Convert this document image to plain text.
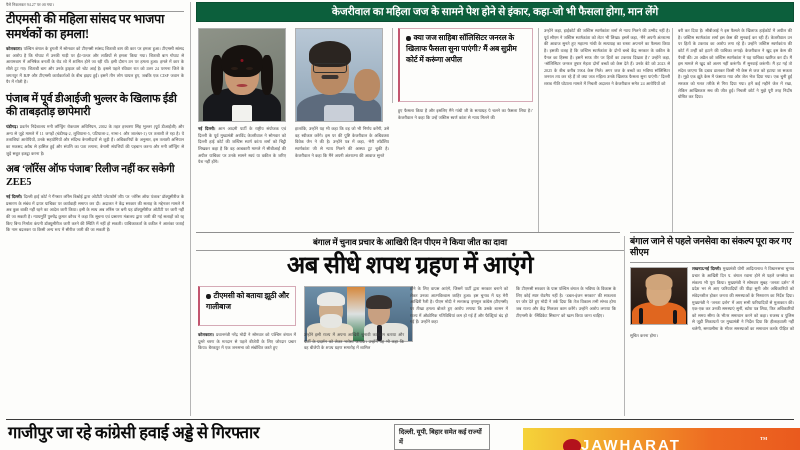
पैसे निकलकर 94.27 पर आ गया।
टीएमसी की महिला सांसद पर भाजपा समर्थकों का हमला!
कोलकाता। पश्चिम बंगाल के हुगली में सोमवार को टीएमसी सांसद शिताबी बाग की कार पर हमला हुआ। टीएमसी सांसद का आरोप है कि गोघाट में उनकी गाड़ी पर ईंट-पत्थर और लाठियों से हमला किया गया। शिताबी बाग गोघाट से आरामबाग में अभिषेक बनर्जी के रोड शो में शामिल होने जा रही थीं। इसी दौरान उन पर हमला हुआ। हमले में कार के शीशे टूट गए। शिताबी बाग और उनके ड्राइवर को चोट आई है। इससे पहले रविवार रात को उत्तर 24 परगना जिले के जगतपुर में BJP और टीएमसी कार्यकर्ताओं के बीच झड़प हुईं। इसमें तीन लोग घायल हुए, जबकि एक CISF जवान के पैर में गोली है।
पंजाब में पूर्व डीआईजी भुल्लर के खिलाफ ईडी की ताबड़तोड़ छापेमारी
चंडीगढ़। प्रवर्तन निदेशालय मनी लॉन्ड्रिंग रोकथाम अधिनियम, 2002 के तहत हरचरण सिंह भुल्लर (पूर्व डीआईजी) और अन्य से जुड़े मामले में 11 जगहों (चंडीगढ़-2, लुधियाना-5, पटियाला-2, नाभा-1 और जालंधर-1) पर तलाशी ले रहा है। ये तलाशियां आरोपियों, उनके सहयोगियों और संदिग्ध बेनामीदारों से जुड़ी हैं। अधिकारियों के अनुसार, इस तलाशी अभियान का मकसद अवैध से हासिल हुई और संपत्ति का पता लगाना, बेनामी संपत्तियों की पहचान करना और मनी लॉन्ड्रिंग से जुड़े सबूत इकट्ठा करना है।
अब ‘लॉरेंस ऑफ पंजाब’ रिलीज नहीं कर सकेगी ZEE5
नई दिल्ली। दिल्ली हाई कोर्ट ने गैंगस्टर लॉरेंस बिश्नोई द्वारा ओटीटी प्लेटफॉर्म जी5 पर ‘लॉरेंस ऑफ पंजाब’ डॉक्यूसीरीज के प्रसारण के संबंध में दायर याचिका पर कार्यवाही समाप्त कर दी। अदालत ने केंद्र सरकार की सलाह के मद्देनजर मामले में अब कुछ बाकी नहीं रहने का आदेश जारी किया। इसी के साथ अब लॉरेंस पर बनी यह डॉक्यूसीरीज ओटीटी पर जारी नहीं की जा सकती है। न्यायमूर्ति पुरुषेंद्र कुमार कौरव ने कहा कि सूचना एवं प्रसारण मंत्रालय द्वारा जारी की गई सलाहों को रद्द किए बिना निर्माता कंपनी डॉक्यूसीरीज जारी करने की स्थिति में नहीं हो सकती। याचिकाकर्ता के वकील ने आशंका जताई कि नाम बदलकर या किसी अन्य रूप में सीरीज जारी की जा सकती है।
केजरीवाल का महिला जज के सामने पेश होने से इंकार, कहा-जो भी फैसला होगा, मान लेंगे
क्या जज साहिबा सॉलिसिटर जनरल के खिलाफ फैसला सुना पाएंगी? मैं अब सुप्रीम कोर्ट में करूंगा अपील
नई दिल्ली। आम आदमी पार्टी के राष्ट्रीय संयोजक एवं दिल्ली के पूर्व मुख्यमंत्री अरविंद केजरीवाल ने सोमवार को दिल्ली हाई कोर्ट की जस्टिस स्वर्ण कांता शर्मा को चिट्ठी लिखकर कहा है कि वह आबकारी मामले में सीबीआई की अपील याचिका पर उनके सामने स्वयं या वकील के जरिए पेश नहीं होंगे।
हालांकि, उन्होंने यह भी कहा कि वह जो भी निर्णय करेंगी, उसे वह स्वीकार करेंगे। इस पर की पुष्टि केजरीवाल के अधिवक्ता विवेक जैन ने की है। उन्होंने पत्र में कहा, ‘मेरी लॉर्डशिप स्वर्णकांता जी से न्याय मिलने की आस्था टूट चुकी है। केजरीवाल ने कहा कि मैंने अपनी अंतरात्मा की आवाज सुनते
हुए फैसला किया है और इसलिए मैंने गांधी जी के सत्याग्रह पे चलने का फैसला लिया है।’ केजरीवाल ने कहा कि उन्हें जस्टिस स्वर्ण कांता से न्याय मिलने की
उन्होंने कहा, हाईकोर्ट की जस्टिस स्वर्णकांता शर्मा से न्याय मिलने की उम्मीद नहीं है। पूर्व सीएम ने जस्टिस स्वर्णकांता को लेटर भी लिखा। इसमें कहा, ‘मैंने अपनी अंतरात्मा की आवाज सुनते हुए महात्मा गांधी के सत्याग्रह का रास्ता अपनाने का फैसला किया है। इसकी वजह है कि जस्टिस स्वर्णकांता के दोनों बच्चे केंद्र सरकार के वकील के पैनल का हिस्सा हैं। इसमें साफ तौर पर हितों का टकराव दिखता है।’ उन्होंने कहा, ‘सॉलिसिटर जनरल तुषार मेहता दोनों बच्चों को केस देते हैं। उनके बेटे को 2023 से 2025 के बीच करीब 5904 केस मिले। अगर जज के बच्चों का भविष्य सॉलिसिटर जनरल तय कर रहे हैं तो क्या जज महिला उनके खिलाफ फैसला सुना पाएंगी।’ दिल्ली शराब नीति घोटाला मामले में निचली अदालत ने केजरीवाल समेत 24 आरोपियों को
बरी कर दिया है। सीबीआई ने इस फैसले के खिलाफ हाईकोर्ट में अपील की है। जस्टिस स्वर्णकांता शर्मा इस केस की सुनवाई कर रही हैं। केजरीवाल उन पर हितों के टकराव का आरोप लगा रहे हैं। उन्होंने जस्टिस स्वर्णकांता की कोर्ट में उन्हीं को हटाने की याचिका लगाई। केजरीवाल ने खुद इस केस की पैरवी की। 20 अप्रैल को जस्टिस स्वर्णकांता ने यह याचिका खारिज कर दी। मैं इस मामले से खुद को अलग नहीं करूंगी। मैं सुनवाई करूंगी। मैं हट गई तो संदेश जाएगा कि दबाव डालकर किसी भी केस से जज को हटाया जा सकता है। मुझे एक झूठे केस में फंसाया गया और जेल भेज दिया गया। एक चुनी हुई सरकार को गलत तरीके से गिरा दिया गया। हमें कई महीने जेल में रखा, लेकिन आखिरकार सच की जीत हुई। निचली कोर्ट ने मुझे पूरी तरह निर्दोष घोषित कर दिया।
बंगाल में चुनाव प्रचार के आखिरी दिन पीएम ने किया जीत का दावा
अब सीधे शपथ ग्रहण में आएंगे
टीएमसी को बताया झूठी और गालीबाज
कोलकाता। प्रधानमंत्री नरेंद्र मोदी ने सोमवार को पश्चिम बंगाल में दूसरे चरण के मतदान से पहले बीजेपी के लिए जोरदार प्रचार किया। बैरकपुर में एक जनसभा को संबोधित करते हुए
उन्होंने इसी राज्य में अपना आखिरी चुनावी कार्यक्रम बताया और पार्टी के प्रदर्शन को लेकर भरोसा जताया। उन्होंने यह भी कहा कि वह बीजेपी के शपथ ग्रहण समारोह में शामिल
होने के लिए वापस आएंगे, जिसमें पार्टी द्वारा सरकार बनाने को लेकर उनका आत्मविश्वास जाहिर हुआ। इस चुनाव में यह मेरी आखिरी रैली है। पीएम मोदी ने सत्तारूढ़ तृणमूल कांग्रेस (टीएमसी) पर तीखा हमला बोलते हुए आरोप लगाया कि उसके शासन में राज्य में औद्योगिक गतिविधियां कम हो गई हैं और फैक्ट्रियां बंद हो गई हैं। उन्होंने कहा
कि टीएमसी सरकार के पास पश्चिम बंगाल के भविष्य के विकास के लिए कोई स्पष्ट रोडमैप नहीं है। ‘डबल-इंजन सरकार’ की सफलता पर जोर देते हुए मोदी ने तर्क दिया कि तेज विकास तभी संभव होगा जब राज्य और केंद्र मिलकर काम करेंगे। उन्होंने आरोप लगाया कि टीएमसी के ‘सिंडिकेट सिस्टम’ को खत्म किया जाना चाहिए।
बंगाल जाने से पहले जनसेवा का संकल्प पूरा कर गए सीएम
लखनऊ/नई दिल्ली। मुख्यमंत्री योगी आदित्यनाथ ने विधानसभा चुनाव प्रचार के आखिरी दिन प. बंगाल रवाना होने से पहले जनसेवा का संकल्प भी पूरा किया। मुख्यमंत्री ने सोमवार सुबह ‘जनता दर्शन’ में प्रदेश भर से आए फरियादियों की पीड़ा सुनी और अधिकारियों को संवेदनशील होकर जनता की समस्याओं के निस्तारण का निर्देश दिया। मुख्यमंत्री ने ‘जनता दर्शन’ में आए सभी फरियादियों से मुलाकात की। एक-एक कर उनकी समस्याएं सुनीं, ब्योरा पत्र लिया, फिर अधिकारियों को समय सीमा के भीतर समाधान करने को कहा। राजस्व व पुलिस से जुड़ी शिकायतों पर मुख्यमंत्री ने निर्देश दिया कि हीलाहवाली नहीं चलेगी, समयसीमा के भीतर समस्याओं का समाधान करके पीड़ित को सूचित करना होगा।
गाजीपुर जा रहे कांग्रेसी हवाई अड्डे से गिरफ्तार	दिल्ली, यूपी, बिहार समेत कई राज्यों में	JAWHARAT	TM
